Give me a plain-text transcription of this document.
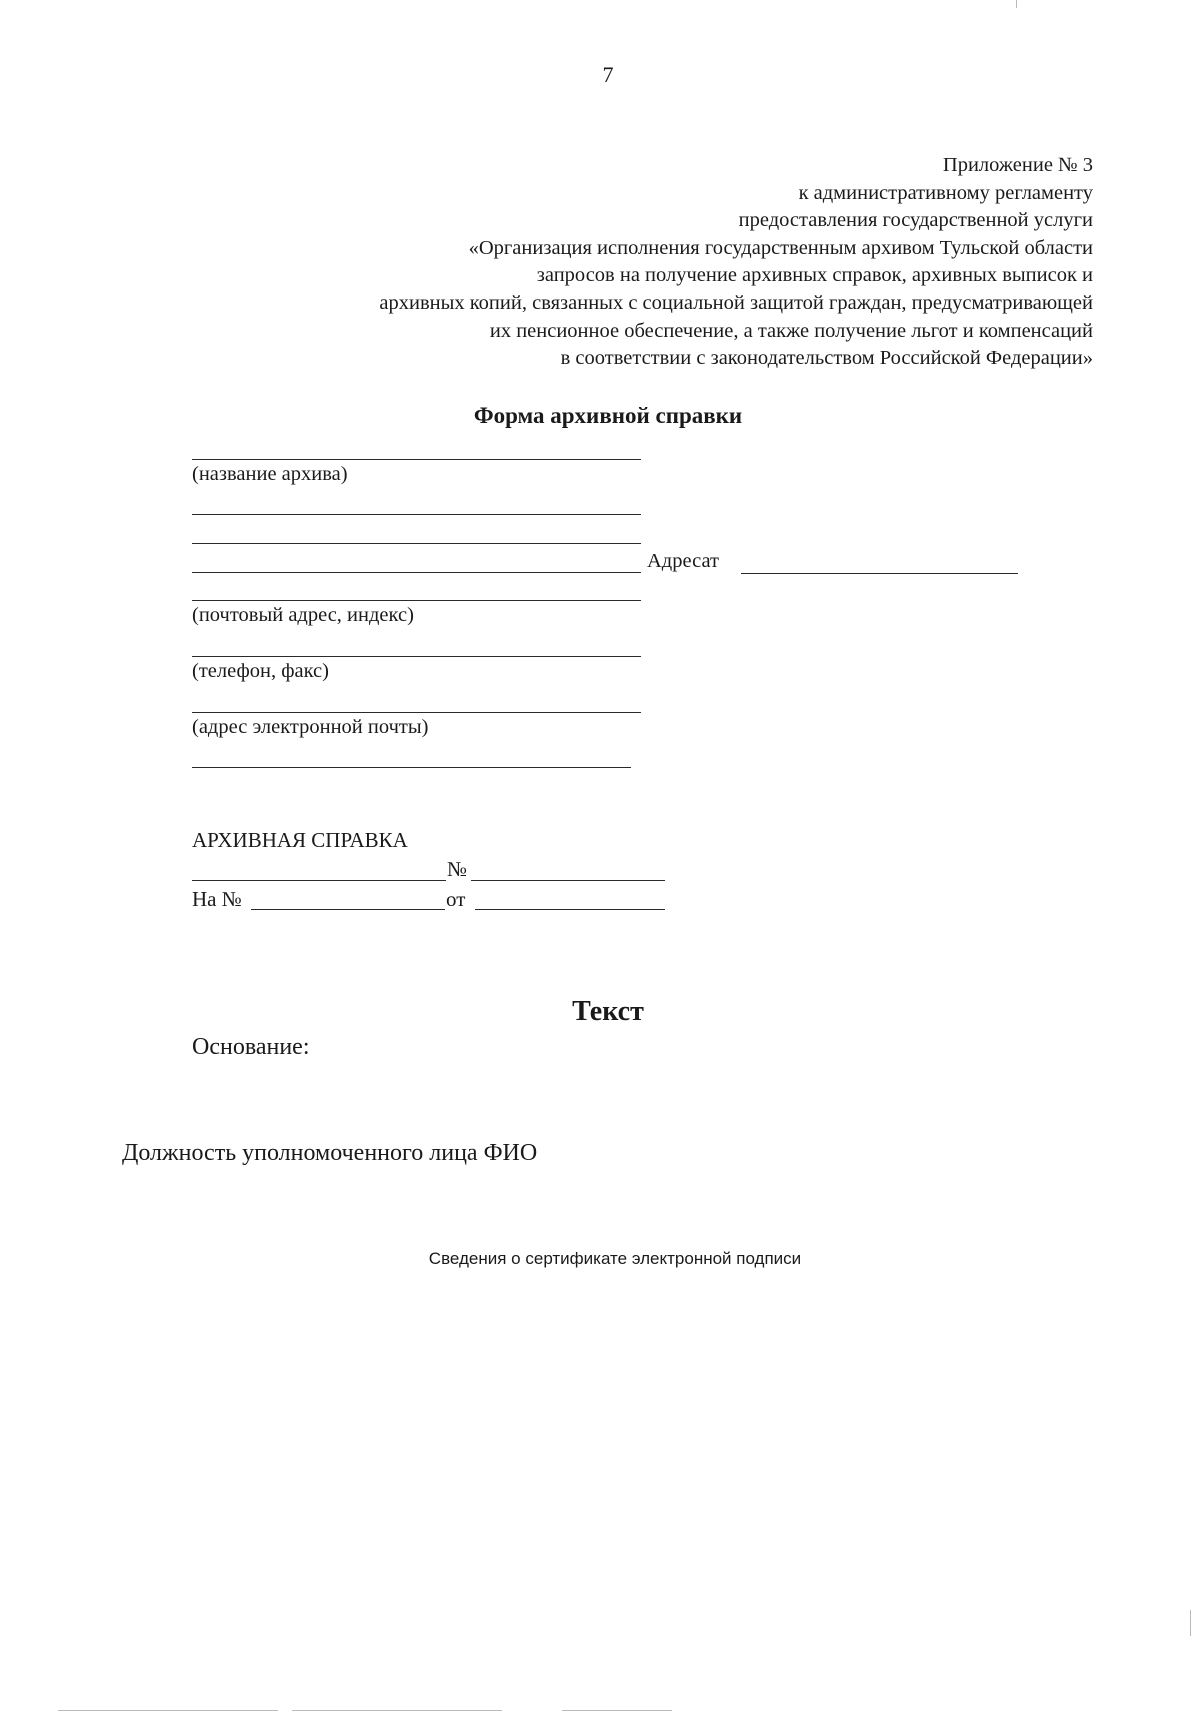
7
Приложение № 3
к административному регламенту
предоставления государственной услуги
«Организация исполнения государственным архивом Тульской области
запросов на получение архивных справок, архивных выписок и
архивных копий, связанных с социальной защитой граждан, предусматривающей
их пенсионное обеспечение, а также получение льгот и компенсаций
в соответствии с законодательством Российской Федерации»
Форма архивной справки
(название архива)
Адресат
(почтовый адрес, индекс)
(телефон, факс)
(адрес электронной почты)
АРХИВНАЯ СПРАВКА
№
На №	от
Текст
Основание:
Должность уполномоченного лица ФИО
Сведения о сертификате электронной подписи
